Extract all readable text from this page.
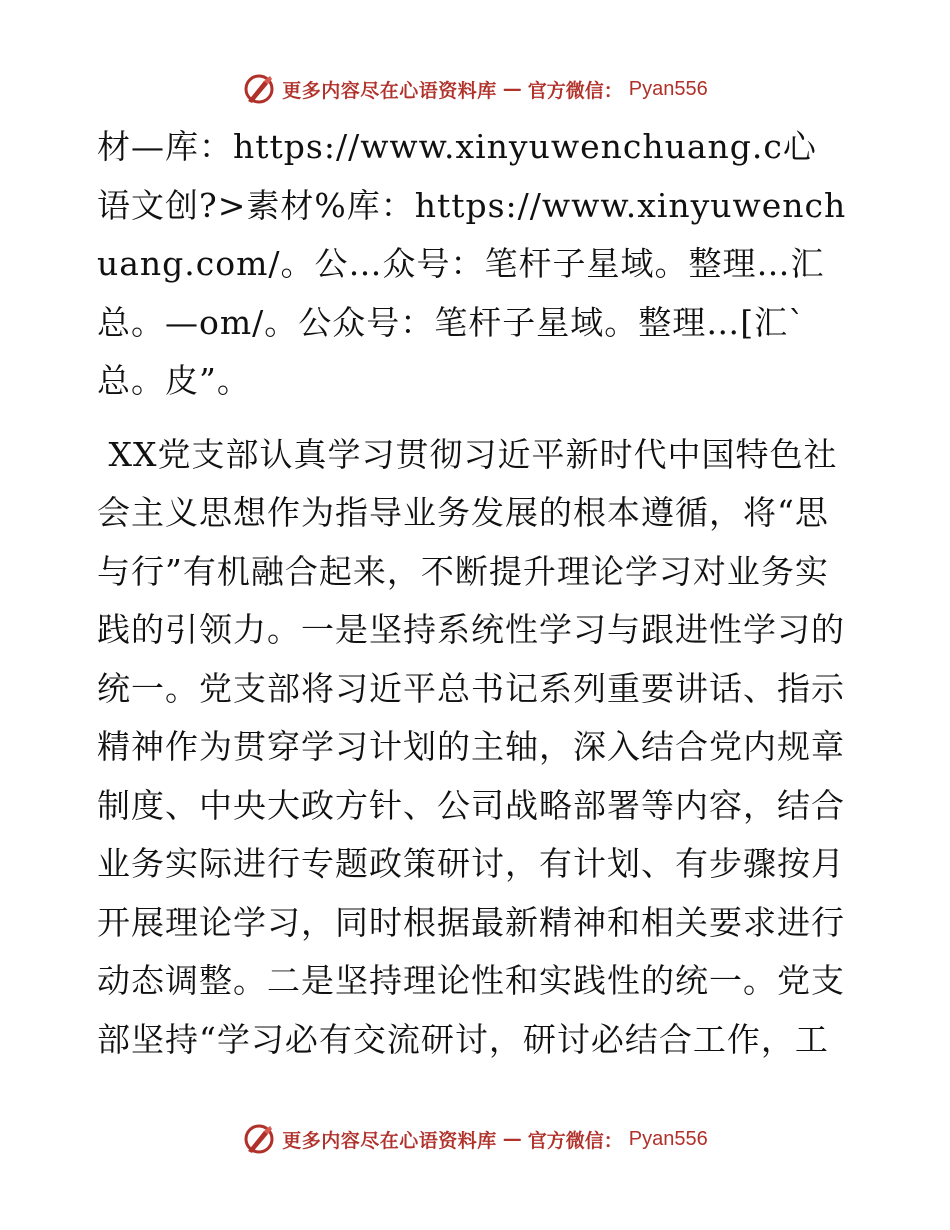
更多内容尽在心语资料库 — 官方微信： Pyan556

材—库：https://www.xinyuwenchuang.c心语文创?>素材%库：https://www.xinyuwenchuang.com/。公…众号：笔杆子星域。整理…汇总。—om/。公众号：笔杆子星域。整理…[汇`总。皮”。

XX党支部认真学习贯彻习近平新时代中国特色社会主义思想作为指导业务发展的根本遵循，将“思与行”有机融合起来，不断提升理论学习对业务实践的引领力。一是坚持系统性学习与跟进性学习的统一。党支部将习近平总书记系列重要讲话、指示精神作为贯穿学习计划的主轴，深入结合党内规章制度、中央大政方针、公司战略部署等内容，结合业务实际进行专题政策研讨，有计划、有步骤按月开展理论学习，同时根据最新精神和相关要求进行动态调整。二是坚持理论性和实践性的统一。党支部坚持“学习必有交流研讨，研讨必结合工作，工

更多内容尽在心语资料库 — 官方微信： Pyan556
